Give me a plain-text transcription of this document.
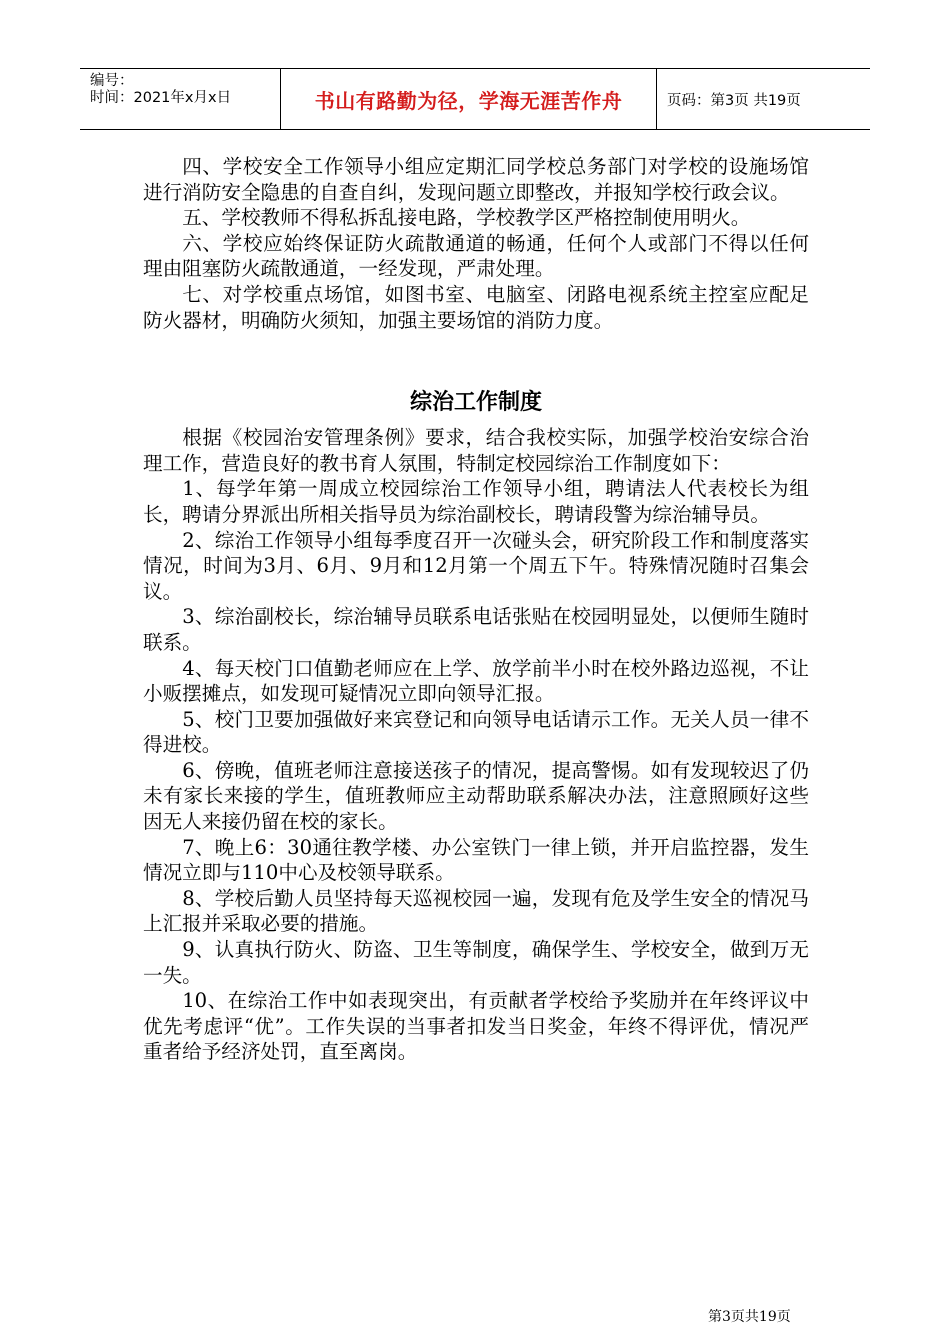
编号：
时间：2021年x月x日	书山有路勤为径，学海无涯苦作舟	页码：第3页 共19页

四、学校安全工作领导小组应定期汇同学校总务部门对学校的设施场馆进行消防安全隐患的自查自纠，发现问题立即整改，并报知学校行政会议。

五、学校教师不得私拆乱接电路，学校教学区严格控制使用明火。

六、学校应始终保证防火疏散通道的畅通，任何个人或部门不得以任何理由阻塞防火疏散通道，一经发现，严肃处理。

七、对学校重点场馆，如图书室、电脑室、闭路电视系统主控室应配足防火器材，明确防火须知，加强主要场馆的消防力度。

综治工作制度

根据《校园治安管理条例》要求，结合我校实际，加强学校治安综合治理工作，营造良好的教书育人氛围，特制定校园综治工作制度如下：

1、每学年第一周成立校园综治工作领导小组，聘请法人代表校长为组长，聘请分界派出所相关指导员为综治副校长，聘请段警为综治辅导员。

2、综治工作领导小组每季度召开一次碰头会，研究阶段工作和制度落实情况，时间为3月、6月、9月和12月第一个周五下午。特殊情况随时召集会议。

3、综治副校长，综治辅导员联系电话张贴在校园明显处，以便师生随时联系。

4、每天校门口值勤老师应在上学、放学前半小时在校外路边巡视，不让小贩摆摊点，如发现可疑情况立即向领导汇报。

5、校门卫要加强做好来宾登记和向领导电话请示工作。无关人员一律不得进校。

6、傍晚，值班老师注意接送孩子的情况，提高警惕。如有发现较迟了仍未有家长来接的学生，值班教师应主动帮助联系解决办法，注意照顾好这些因无人来接仍留在校的家长。

7、晚上6：30通往教学楼、办公室铁门一律上锁，并开启监控器，发生情况立即与110中心及校领导联系。

8、学校后勤人员坚持每天巡视校园一遍，发现有危及学生安全的情况马上汇报并采取必要的措施。

9、认真执行防火、防盗、卫生等制度，确保学生、学校安全，做到万无一失。

10、在综治工作中如表现突出，有贡献者学校给予奖励并在年终评议中优先考虑评“优”。工作失误的当事者扣发当日奖金，年终不得评优，情况严重者给予经济处罚，直至离岗。

第3页共19页
